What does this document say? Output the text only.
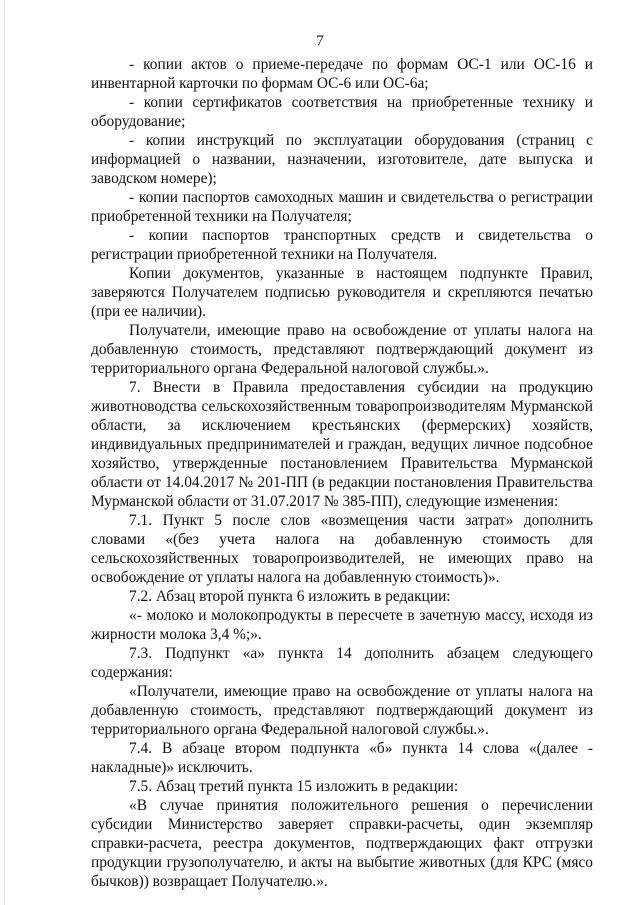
7

- копии актов о приеме-передаче по формам ОС-1 или ОС-16 и инвентарной карточки по формам ОС-6 или ОС-6а;

- копии сертификатов соответствия на приобретенные технику и оборудование;

- копии инструкций по эксплуатации оборудования (страниц с информацией о названии, назначении, изготовителе, дате выпуска и заводском номере);

- копии паспортов самоходных машин и свидетельства о регистрации приобретенной техники на Получателя;

- копии паспортов транспортных средств и свидетельства о регистрации приобретенной техники на Получателя.

Копии документов, указанные в настоящем подпункте Правил, заверяются Получателем подписью руководителя и скрепляются печатью (при ее наличии).

Получатели, имеющие право на освобождение от уплаты налога на добавленную стоимость, представляют подтверждающий документ из территориального органа Федеральной налоговой службы.».

7. Внести в Правила предоставления субсидии на продукцию животноводства сельскохозяйственным товаропроизводителям Мурманской области, за исключением крестьянских (фермерских) хозяйств, индивидуальных предпринимателей и граждан, ведущих личное подсобное хозяйство, утвержденные постановлением Правительства Мурманской области от 14.04.2017 № 201-ПП (в редакции постановления Правительства Мурманской области от 31.07.2017 № 385-ПП), следующие изменения:

7.1. Пункт 5 после слов «возмещения части затрат» дополнить словами «(без учета налога на добавленную стоимость для сельскохозяйственных товаропроизводителей, не имеющих право на освобождение от уплаты налога на добавленную стоимость)».

7.2. Абзац второй пункта 6 изложить в редакции:

«- молоко и молокопродукты в пересчете в зачетную массу, исходя из жирности молока 3,4 %;».

7.3. Подпункт «а» пункта 14 дополнить абзацем следующего содержания:

«Получатели, имеющие право на освобождение от уплаты налога на добавленную стоимость, представляют подтверждающий документ из территориального органа Федеральной налоговой службы.».

7.4. В абзаце втором подпункта «б» пункта 14 слова «(далее - накладные)» исключить.

7.5. Абзац третий пункта 15 изложить в редакции:

«В случае принятия положительного решения о перечислении субсидии Министерство заверяет справки-расчеты, один экземпляр справки-расчета, реестра документов, подтверждающих факт отгрузки продукции грузополучателю, и акты на выбытие животных (для КРС (мясо бычков)) возвращает Получателю.».
